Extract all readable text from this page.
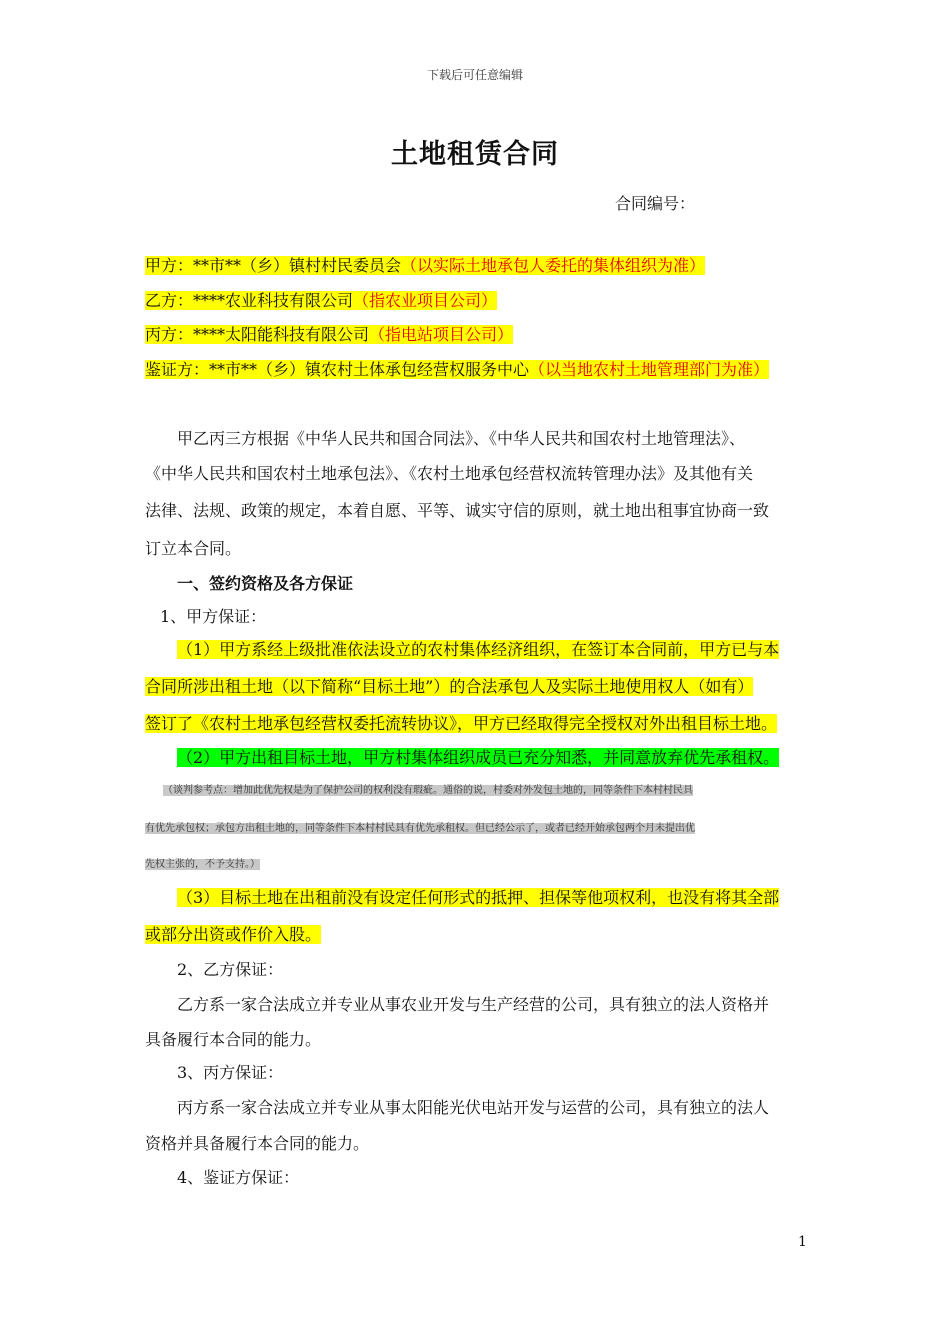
下载后可任意编辑
土地租赁合同
合同编号：
甲方：**市**（乡）镇村村民委员会（以实际土地承包人委托的集体组织为准）
乙方：****农业科技有限公司（指农业项目公司）
丙方：****太阳能科技有限公司（指电站项目公司）
鉴证方：**市**（乡）镇农村土体承包经营权服务中心（以当地农村土地管理部门为准）
甲乙丙三方根据《中华人民共和国合同法》、《中华人民共和国农村土地管理法》、
《中华人民共和国农村土地承包法》、《农村土地承包经营权流转管理办法》及其他有关
法律、法规、政策的规定，本着自愿、平等、诚实守信的原则，就土地出租事宜协商一致
订立本合同。
一、签约资格及各方保证
1、甲方保证：
（1）甲方系经上级批准依法设立的农村集体经济组织，在签订本合同前，甲方已与本
合同所涉出租土地（以下简称“目标土地”）的合法承包人及实际土地使用权人（如有）
签订了《农村土地承包经营权委托流转协议》，甲方已经取得完全授权对外出租目标土地。
（2）甲方出租目标土地，甲方村集体组织成员已充分知悉，并同意放弃优先承租权。
（谈判参考点：增加此优先权是为了保护公司的权利没有瑕疵。通俗的说，村委对外发包土地的，同等条件下本村村民具
有优先承包权；承包方出租土地的，同等条件下本村村民具有优先承租权。但已经公示了，或者已经开始承包两个月未提出优
先权主张的，不予支持。）
（3）目标土地在出租前没有设定任何形式的抵押、担保等他项权利，也没有将其全部
或部分出资或作价入股。
2、乙方保证：
乙方系一家合法成立并专业从事农业开发与生产经营的公司，具有独立的法人资格并
具备履行本合同的能力。
3、丙方保证：
丙方系一家合法成立并专业从事太阳能光伏电站开发与运营的公司，具有独立的法人
资格并具备履行本合同的能力。
4、鉴证方保证：
1
